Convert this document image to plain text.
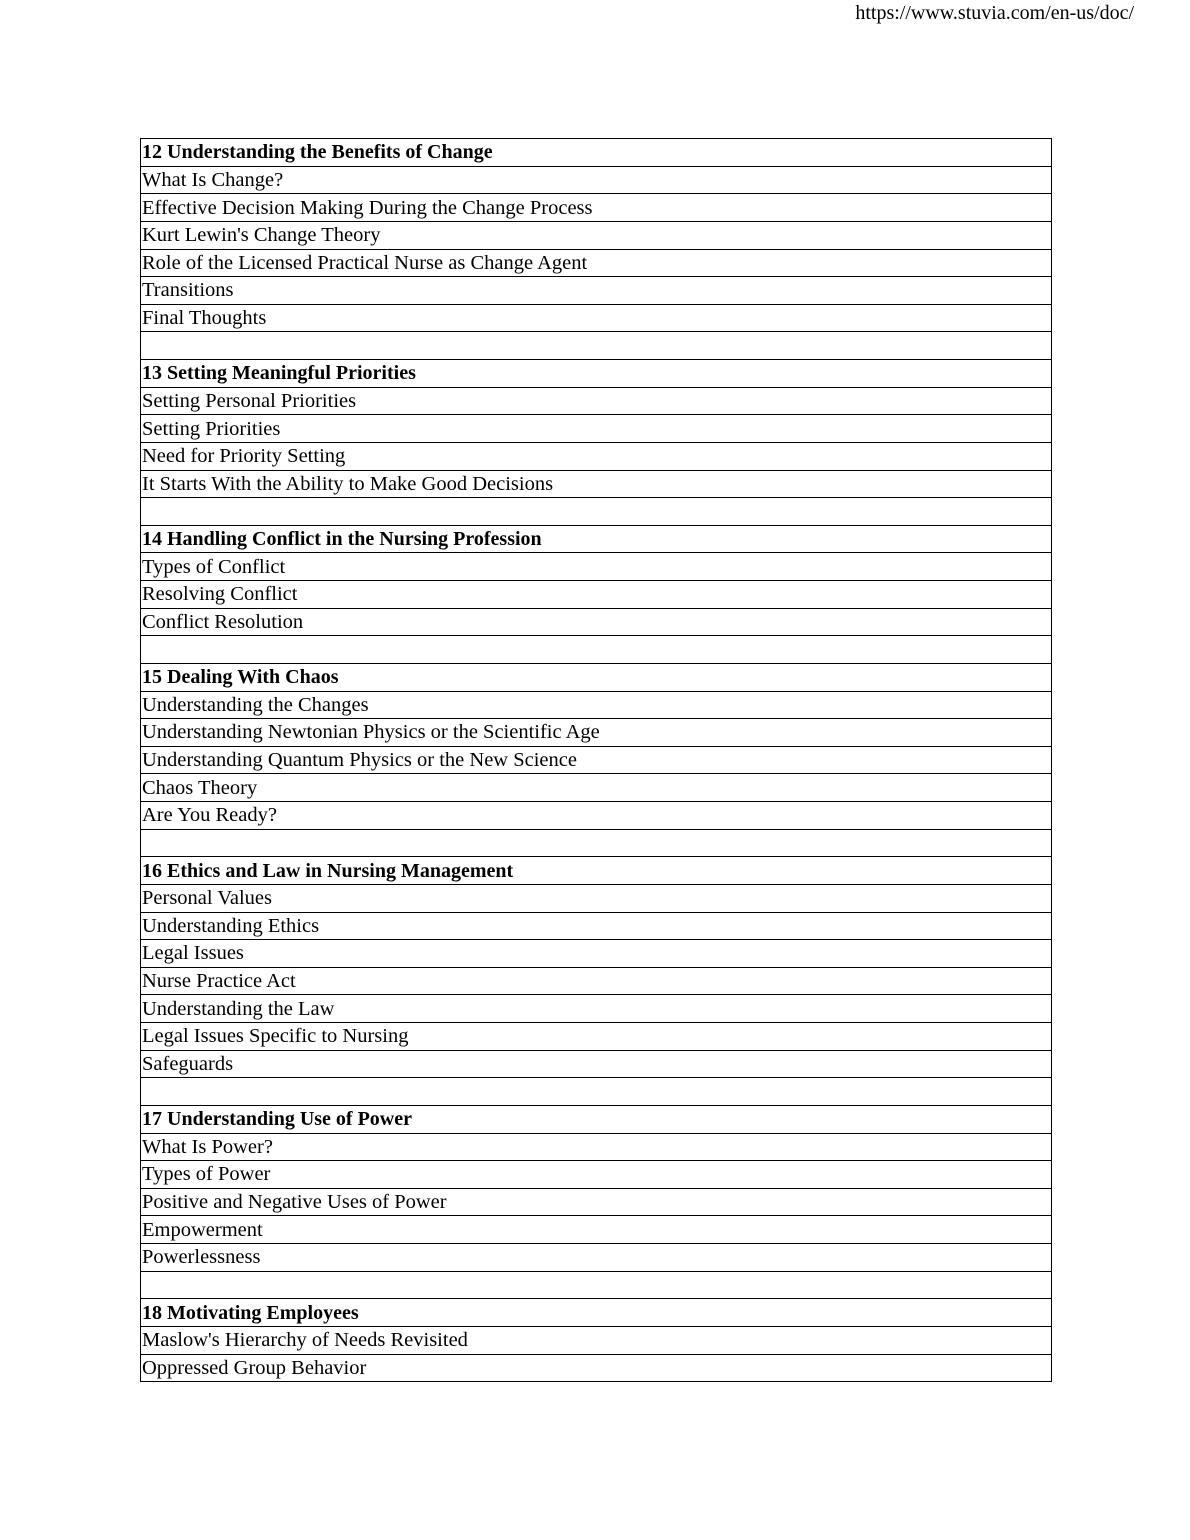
https://www.stuvia.com/en-us/doc/
12 Understanding the Benefits of Change
What Is Change?
Effective Decision Making During the Change Process
Kurt Lewin's Change Theory
Role of the Licensed Practical Nurse as Change Agent
Transitions
Final Thoughts

13 Setting Meaningful Priorities
Setting Personal Priorities
Setting Priorities
Need for Priority Setting
It Starts With the Ability to Make Good Decisions

14 Handling Conflict in the Nursing Profession
Types of Conflict
Resolving Conflict
Conflict Resolution

15 Dealing With Chaos
Understanding the Changes
Understanding Newtonian Physics or the Scientific Age
Understanding Quantum Physics or the New Science
Chaos Theory
Are You Ready?

16 Ethics and Law in Nursing Management
Personal Values
Understanding Ethics
Legal Issues
Nurse Practice Act
Understanding the Law
Legal Issues Specific to Nursing
Safeguards

17 Understanding Use of Power
What Is Power?
Types of Power
Positive and Negative Uses of Power
Empowerment
Powerlessness

18 Motivating Employees
Maslow's Hierarchy of Needs Revisited
Oppressed Group Behavior
